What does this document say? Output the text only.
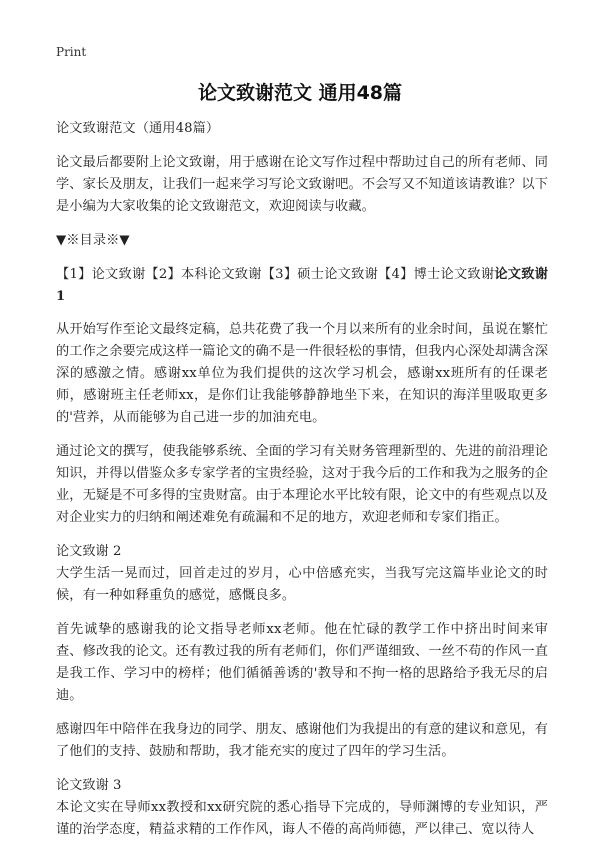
Print
论文致谢范文 通用48篇

论文致谢范文（通用48篇）

论文最后都要附上论文致谢，用于感谢在论文写作过程中帮助过自己的所有老师、同学、家长及朋友，让我们一起来学习写论文致谢吧。不会写又不知道该请教谁？以下是小编为大家收集的论文致谢范文，欢迎阅读与收藏。

▼※目录※▼

【1】论文致谢【2】本科论文致谢【3】硕士论文致谢【4】博士论文致谢论文致谢1

从开始写作至论文最终定稿，总共花费了我一个月以来所有的业余时间，虽说在繁忙的工作之余要完成这样一篇论文的确不是一件很轻松的事情，但我内心深处却满含深深的感激之情。感谢xx单位为我们提供的这次学习机会，感谢xx班所有的任课老师，感谢班主任老师xx，是你们让我能够静静地坐下来，在知识的海洋里吸取更多的'营养，从而能够为自己进一步的加油充电。

通过论文的撰写，使我能够系统、全面的学习有关财务管理新型的、先进的前沿理论知识，并得以借鉴众多专家学者的宝贵经验，这对于我今后的工作和我为之服务的企业，无疑是不可多得的宝贵财富。由于本理论水平比较有限，论文中的有些观点以及对企业实力的归纳和阐述难免有疏漏和不足的地方，欢迎老师和专家们指正。

论文致谢 2

大学生活一晃而过，回首走过的岁月，心中倍感充实，当我写完这篇毕业论文的时候，有一种如释重负的感觉，感慨良多。

首先诚挚的感谢我的论文指导老师xx老师。他在忙碌的教学工作中挤出时间来审查、修改我的论文。还有教过我的所有老师们，你们严谨细致、一丝不苟的作风一直是我工作、学习中的榜样；他们循循善诱的'教导和不拘一格的思路给予我无尽的启迪。

感谢四年中陪伴在我身边的同学、朋友、感谢他们为我提出的有意的建议和意见，有了他们的支持、鼓励和帮助，我才能充实的度过了四年的学习生活。

论文致谢 3

本论文实在导师xx教授和xx研究院的悉心指导下完成的，导师渊博的专业知识，严谨的治学态度，精益求精的工作作风，诲人不倦的高尚师德，严以律己、宽以待人
